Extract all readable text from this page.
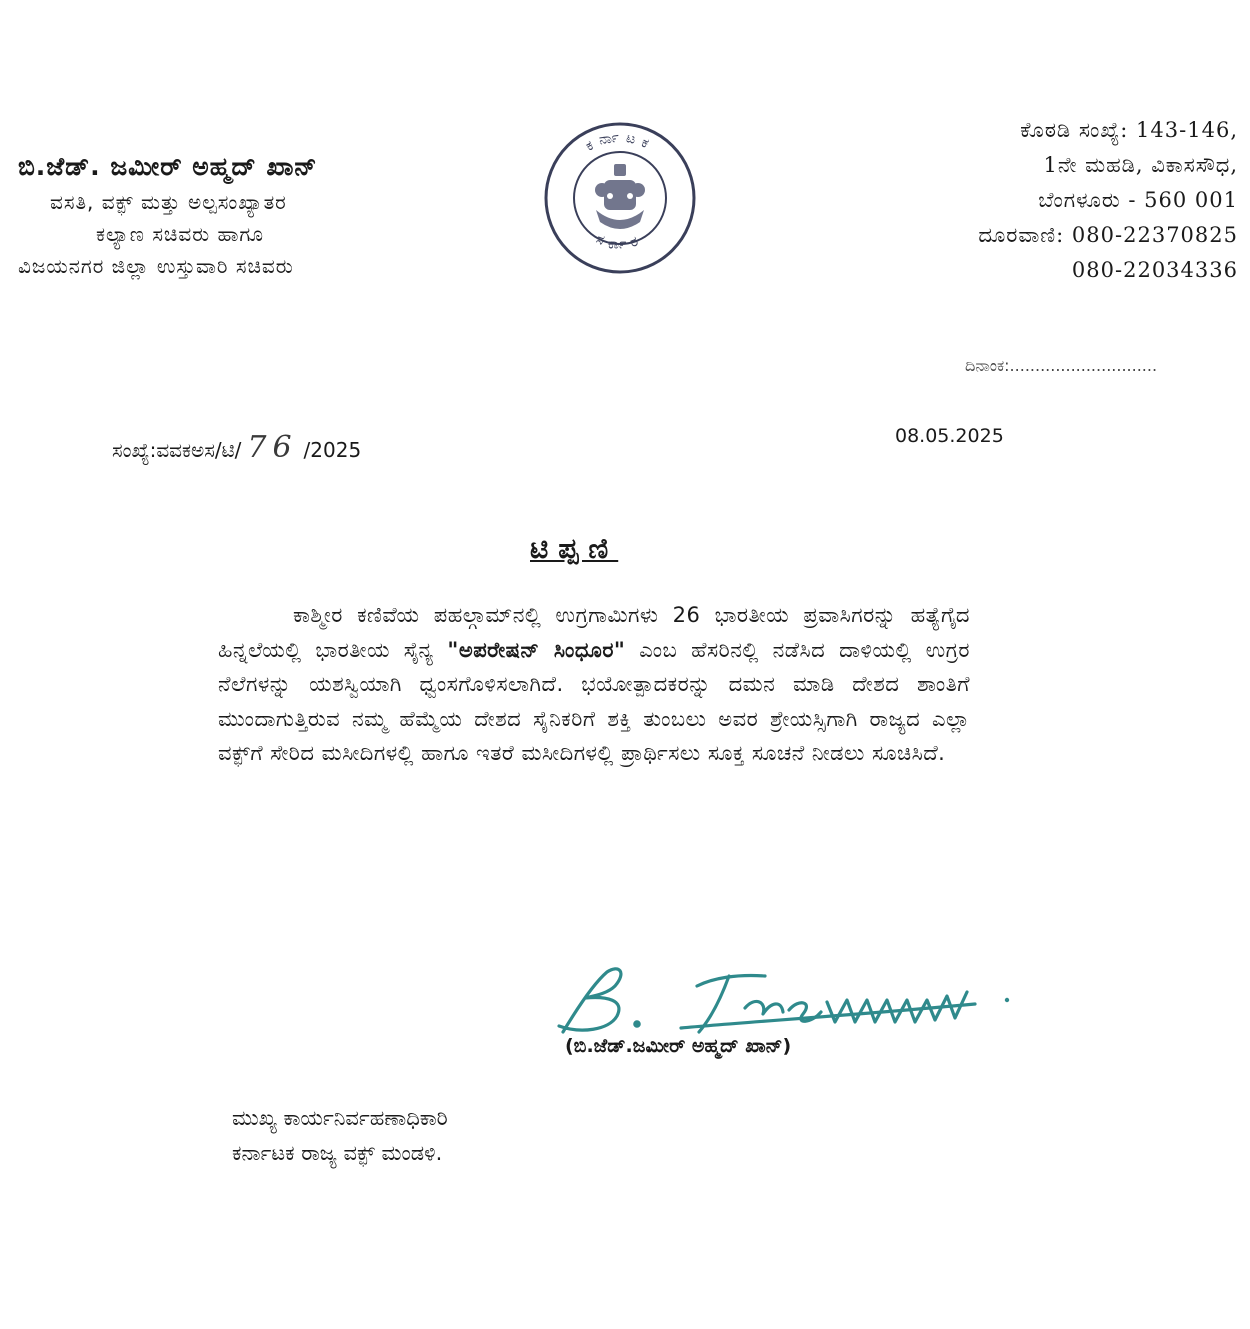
ಬಿ.ಜೆಡ್. ಜಮೀರ್ ಅಹ್ಮದ್ ಖಾನ್
ವಸತಿ, ವಕ್ಫ್ ಮತ್ತು ಅಲ್ಪಸಂಖ್ಯಾತರ
ಕಲ್ಯಾಣ ಸಚಿವರು ಹಾಗೂ
ವಿಜಯನಗರ ಜಿಲ್ಲಾ ಉಸ್ತುವಾರಿ ಸಚಿವರು
ಕರ್ನಾಟಕ
ಸರ್ಕಾರ
ಕೊಠಡಿ ಸಂಖ್ಯೆ: 143-146,
1ನೇ ಮಹಡಿ, ವಿಕಾಸಸೌಧ,
ಬೆಂಗಳೂರು - 560 001
ದೂರವಾಣಿ: 080-22370825
080-22034336
ದಿನಾಂಕ:.............................
ಸಂಖ್ಯೆ:ವವಕಅಸ/ಟಿ/ 76 /2025
08.05.2025
ಟಿಪ್ಪಣಿ

ಕಾಶ್ಮೀರ ಕಣಿವೆಯ ಪಹಲ್ಗಾಮ್‌ನಲ್ಲಿ ಉಗ್ರಗಾಮಿಗಳು 26 ಭಾರತೀಯ ಪ್ರವಾಸಿಗರನ್ನು ಹತ್ಯೆಗೈದ ಹಿನ್ನಲೆಯಲ್ಲಿ ಭಾರತೀಯ ಸೈನ್ಯ "ಅಪರೇಷನ್ ಸಿಂಧೂರ" ಎಂಬ ಹೆಸರಿನಲ್ಲಿ ನಡೆಸಿದ ದಾಳಿಯಲ್ಲಿ ಉಗ್ರರ ನೆಲೆಗಳನ್ನು ಯಶಸ್ವಿಯಾಗಿ ಧ್ವಂಸಗೊಳಿಸಲಾಗಿದೆ. ಭಯೋತ್ಪಾದಕರನ್ನು ದಮನ ಮಾಡಿ ದೇಶದ ಶಾಂತಿಗೆ ಮುಂದಾಗುತ್ತಿರುವ ನಮ್ಮ ಹೆಮ್ಮೆಯ ದೇಶದ ಸೈನಿಕರಿಗೆ ಶಕ್ತಿ ತುಂಬಲು ಅವರ ಶ್ರೇಯಸ್ಸಿಗಾಗಿ ರಾಜ್ಯದ ಎಲ್ಲಾ ವಕ್ಫ್‌ಗೆ ಸೇರಿದ ಮಸೀದಿಗಳಲ್ಲಿ ಹಾಗೂ ಇತರೆ ಮಸೀದಿಗಳಲ್ಲಿ ಪ್ರಾರ್ಥಿಸಲು ಸೂಕ್ತ ಸೂಚನೆ ನೀಡಲು ಸೂಚಿಸಿದೆ.

(ಬಿ.ಜೆಡ್.ಜಮೀರ್ ಅಹ್ಮದ್ ಖಾನ್)
ಮುಖ್ಯ ಕಾರ್ಯನಿರ್ವಹಣಾಧಿಕಾರಿ
ಕರ್ನಾಟಕ ರಾಜ್ಯ ವಕ್ಫ್ ಮಂಡಳಿ.
